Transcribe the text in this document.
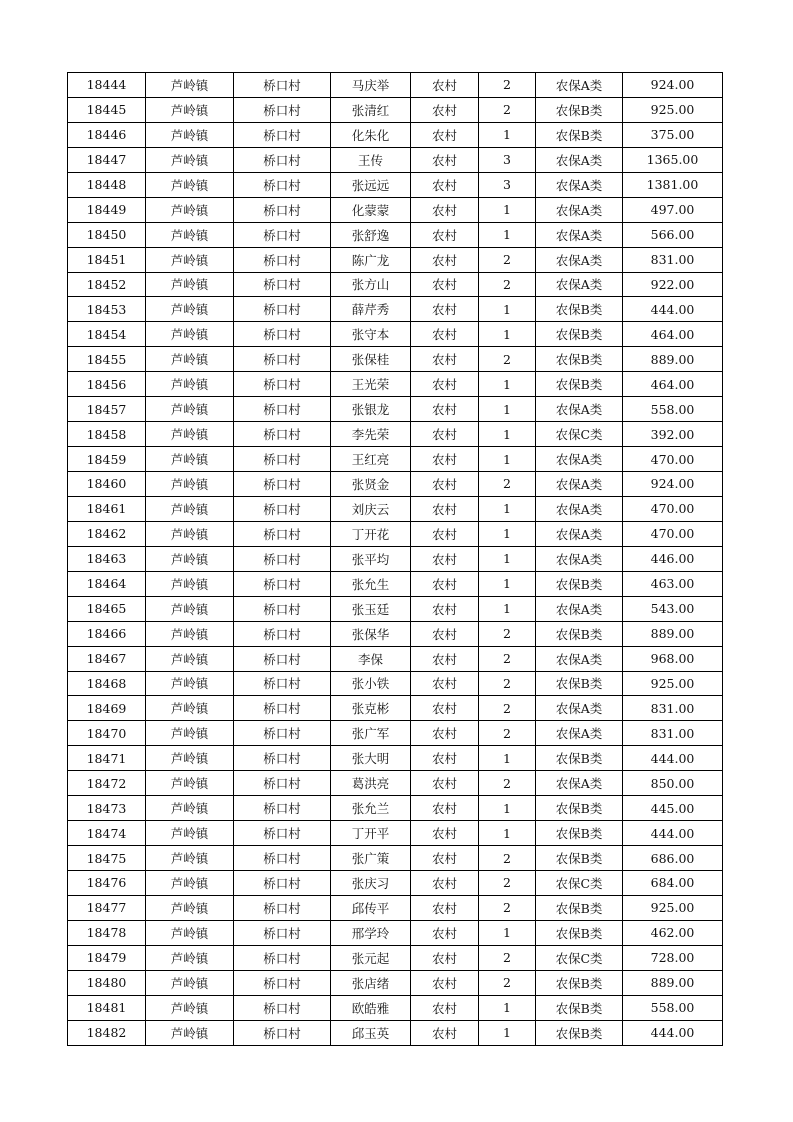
18444	芦岭镇	桥口村	马庆举	农村	2	农保A类	924.00
18445	芦岭镇	桥口村	张清红	农村	2	农保B类	925.00
18446	芦岭镇	桥口村	化朱化	农村	1	农保B类	375.00
18447	芦岭镇	桥口村	王传	农村	3	农保A类	1365.00
18448	芦岭镇	桥口村	张远远	农村	3	农保A类	1381.00
18449	芦岭镇	桥口村	化蒙蒙	农村	1	农保A类	497.00
18450	芦岭镇	桥口村	张舒逸	农村	1	农保A类	566.00
18451	芦岭镇	桥口村	陈广龙	农村	2	农保A类	831.00
18452	芦岭镇	桥口村	张方山	农村	2	农保A类	922.00
18453	芦岭镇	桥口村	薛芹秀	农村	1	农保B类	444.00
18454	芦岭镇	桥口村	张守本	农村	1	农保B类	464.00
18455	芦岭镇	桥口村	张保桂	农村	2	农保B类	889.00
18456	芦岭镇	桥口村	王光荣	农村	1	农保B类	464.00
18457	芦岭镇	桥口村	张银龙	农村	1	农保A类	558.00
18458	芦岭镇	桥口村	李先荣	农村	1	农保C类	392.00
18459	芦岭镇	桥口村	王红亮	农村	1	农保A类	470.00
18460	芦岭镇	桥口村	张贤金	农村	2	农保A类	924.00
18461	芦岭镇	桥口村	刘庆云	农村	1	农保A类	470.00
18462	芦岭镇	桥口村	丁开花	农村	1	农保A类	470.00
18463	芦岭镇	桥口村	张平均	农村	1	农保A类	446.00
18464	芦岭镇	桥口村	张允生	农村	1	农保B类	463.00
18465	芦岭镇	桥口村	张玉廷	农村	1	农保A类	543.00
18466	芦岭镇	桥口村	张保华	农村	2	农保B类	889.00
18467	芦岭镇	桥口村	李保	农村	2	农保A类	968.00
18468	芦岭镇	桥口村	张小铁	农村	2	农保B类	925.00
18469	芦岭镇	桥口村	张克彬	农村	2	农保A类	831.00
18470	芦岭镇	桥口村	张广军	农村	2	农保A类	831.00
18471	芦岭镇	桥口村	张大明	农村	1	农保B类	444.00
18472	芦岭镇	桥口村	葛洪亮	农村	2	农保A类	850.00
18473	芦岭镇	桥口村	张允兰	农村	1	农保B类	445.00
18474	芦岭镇	桥口村	丁开平	农村	1	农保B类	444.00
18475	芦岭镇	桥口村	张广策	农村	2	农保B类	686.00
18476	芦岭镇	桥口村	张庆习	农村	2	农保C类	684.00
18477	芦岭镇	桥口村	邱传平	农村	2	农保B类	925.00
18478	芦岭镇	桥口村	邢学玲	农村	1	农保B类	462.00
18479	芦岭镇	桥口村	张元起	农村	2	农保C类	728.00
18480	芦岭镇	桥口村	张店绪	农村	2	农保B类	889.00
18481	芦岭镇	桥口村	欧皓雅	农村	1	农保B类	558.00
18482	芦岭镇	桥口村	邱玉英	农村	1	农保B类	444.00
